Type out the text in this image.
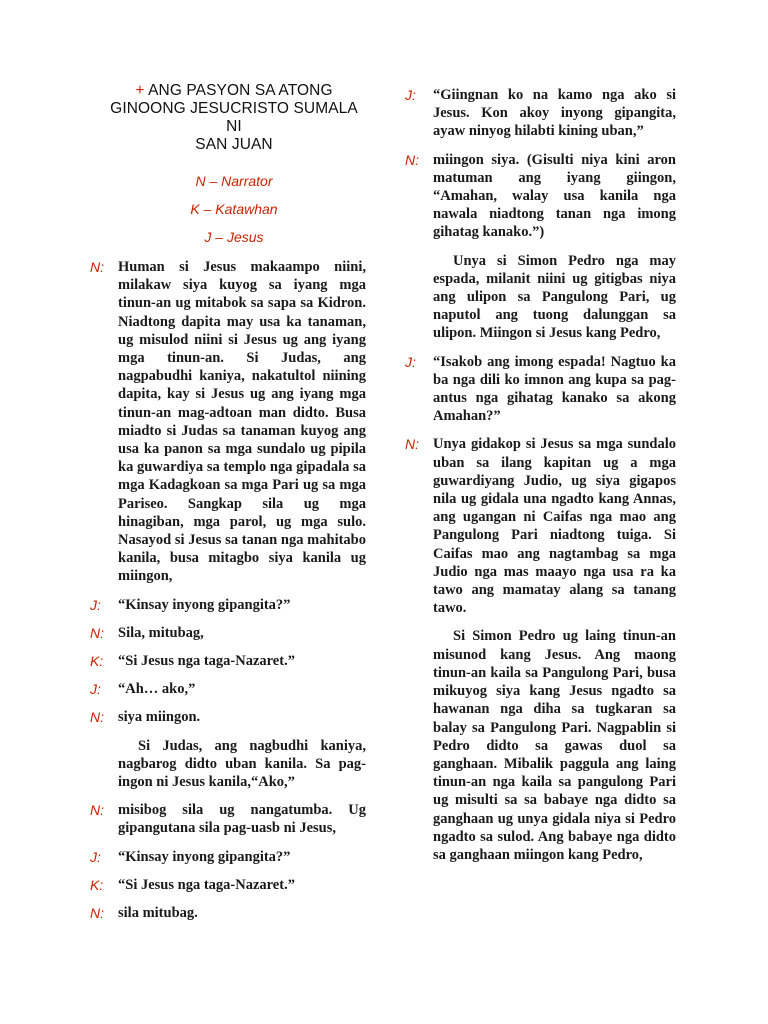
+ ANG PASYON SA ATONG
GINOONG JESUCRISTO SUMALA NI
SAN JUAN
N – Narrator
K – Katawhan
J – Jesus
N: Human si Jesus makaampo niini, milakaw siya kuyog sa iyang mga tinun-an ug mitabok sa sapa sa Kidron. Niadtong dapita may usa ka tanaman, ug misulod niini si Jesus ug ang iyang mga tinun-an. Si Judas, ang nagpabudhi kaniya, nakatultol niining dapita, kay si Jesus ug ang iyang mga tinun-an mag-adtoan man didto. Busa miadto si Judas sa tanaman kuyog ang usa ka panon sa mga sundalo ug pipila ka guwardiya sa templo nga gipadala sa mga Kadagkoan sa mga Pari ug sa mga Pariseo. Sangkap sila ug mga hinagiban, mga parol, ug mga sulo. Nasayod si Jesus sa tanan nga mahitabo kanila, busa mitagbo siya kanila ug miingon,
J: “Kinsay inyong gipangita?”
N: Sila, mitubag,
K: “Si Jesus nga taga-Nazaret.”
J: “Ah… ako,”
N: siya miingon.
Si Judas, ang nagbudhi kaniya, nagbarog didto uban kanila. Sa pag-ingon ni Jesus kanila,“Ako,”
N: misibog sila ug nangatumba. Ug gipangutana sila pag-uasb ni Jesus,
J: “Kinsay inyong gipangita?”
K: “Si Jesus nga taga-Nazaret.”
N: sila mitubag.
J: “Giingnan ko na kamo nga ako si Jesus. Kon akoy inyong gipangita, ayaw ninyog hilabti kining uban,”
N: miingon siya. (Gisulti niya kini aron matuman ang iyang giingon, “Amahan, walay usa kanila nga nawala niadtong tanan nga imong gihatag kanako.”)
Unya si Simon Pedro nga may espada, milanit niini ug gitigbas niya ang ulipon sa Pangulong Pari, ug naputol ang tuong dalunggan sa ulipon. Miingon si Jesus kang Pedro,
J: “Isakob ang imong espada! Nagtuo ka ba nga dili ko imnon ang kupa sa pag-antus nga gihatag kanako sa akong Amahan?”
N: Unya gidakop si Jesus sa mga sundalo uban sa ilang kapitan ug a mga guwardiyang Judio, ug siya gigapos nila ug gidala una ngadto kang Annas, ang ugangan ni Caifas nga mao ang Pangulong Pari niadtong tuiga. Si Caifas mao ang nagtambag sa mga Judio nga mas maayo nga usa ra ka tawo ang mamatay alang sa tanang tawo.
Si Simon Pedro ug laing tinun-an misunod kang Jesus. Ang maong tinun-an kaila sa Pangulong Pari, busa mikuyog siya kang Jesus ngadto sa hawanan nga diha sa tugkaran sa balay sa Pangulong Pari. Nagpablin si Pedro didto sa gawas duol sa ganghaan. Mibalik paggula ang laing tinun-an nga kaila sa pangulong Pari ug misulti sa sa babaye nga didto sa ganghaan ug unya gidala niya si Pedro ngadto sa sulod. Ang babaye nga didto sa ganghaan miingon kang Pedro,
